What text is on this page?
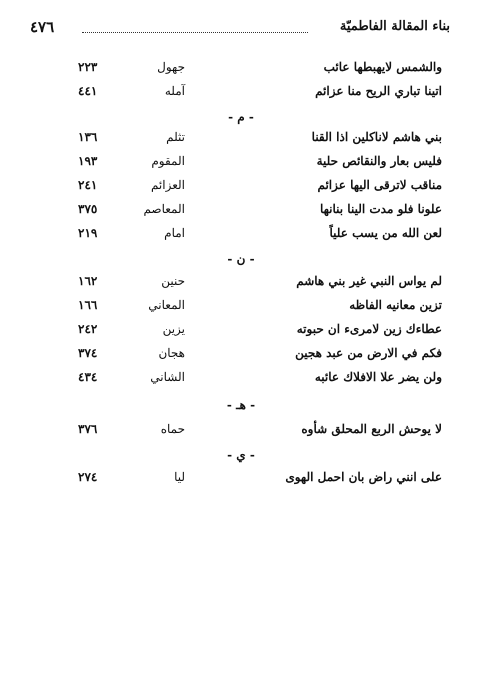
٤٧٦	بناء المقالة الفاطميّة
والشمس لايهبطها عائب
جهول
٢٢٣
اتينا تباري الريح منا عزائم
آمله
٤٤١
- م -
بني هاشم لاناكلين اذا القنا
تثلم
١٣٦
فليس بعار والنقائص حلية
المقوم
١٩٣
مناقب لاترقى اليها عزائم
العزائم
٢٤١
علونا فلو مدت الينا بنانها
المعاصم
٣٧٥
لعن الله من يسب علياً
امام
٢١٩
- ن -
لم يواس النبي غير بني هاشم
حنين
١٦٢
تزين معانيه الفاظه
المعاني
١٦٦
عطاءك زين لامرىء ان حبوته
يزين
٢٤٢
فكم في الارض من عبد هجين
هجان
٣٧٤
ولن يضر علا الافلاك عائبه
الشاني
٤٣٤
- هـ -
لا يوحش الربع المحلق شأوه
حماه
٣٧٦
- ي -
على انني راض بان احمل الهوى
ليا
٢٧٤
